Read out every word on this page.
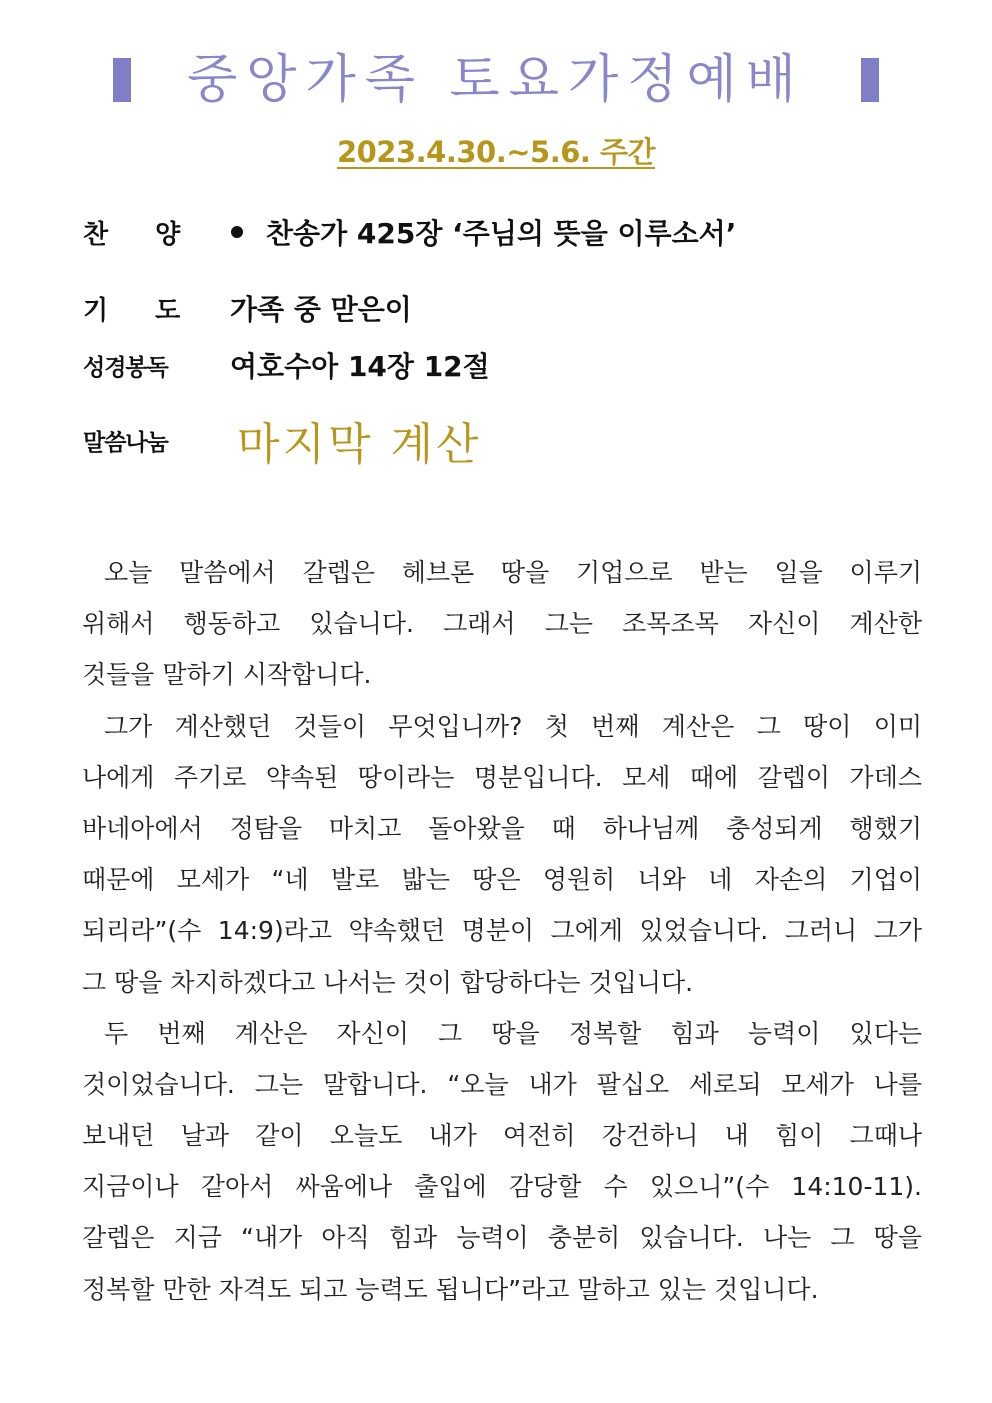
중앙가족 토요가정예배
2023.4.30.~5.6. 주간
찬 양	찬송가 425장 ‘주님의 뜻을 이루소서’
기 도	가족 중 맏은이
성경봉독	여호수아 14장 12절
말씀나눔	마지막 계산
오늘 말씀에서 갈렙은 헤브론 땅을 기업으로 받는 일을 이루기
위해서 행동하고 있습니다. 그래서 그는 조목조목 자신이 계산한
것들을 말하기 시작합니다.
그가 계산했던 것들이 무엇입니까? 첫 번째 계산은 그 땅이 이미
나에게 주기로 약속된 땅이라는 명분입니다. 모세 때에 갈렙이 가데스
바네아에서 정탐을 마치고 돌아왔을 때 하나님께 충성되게 행했기
때문에 모세가 “네 발로 밟는 땅은 영원히 너와 네 자손의 기업이
되리라”(수 14:9)라고 약속했던 명분이 그에게 있었습니다. 그러니 그가
그 땅을 차지하겠다고 나서는 것이 합당하다는 것입니다.
두 번째 계산은 자신이 그 땅을 정복할 힘과 능력이 있다는
것이었습니다. 그는 말합니다. “오늘 내가 팔십오 세로되 모세가 나를
보내던 날과 같이 오늘도 내가 여전히 강건하니 내 힘이 그때나
지금이나 같아서 싸움에나 출입에 감당할 수 있으니”(수 14:10-11).
갈렙은 지금 “내가 아직 힘과 능력이 충분히 있습니다. 나는 그 땅을
정복할 만한 자격도 되고 능력도 됩니다”라고 말하고 있는 것입니다.
